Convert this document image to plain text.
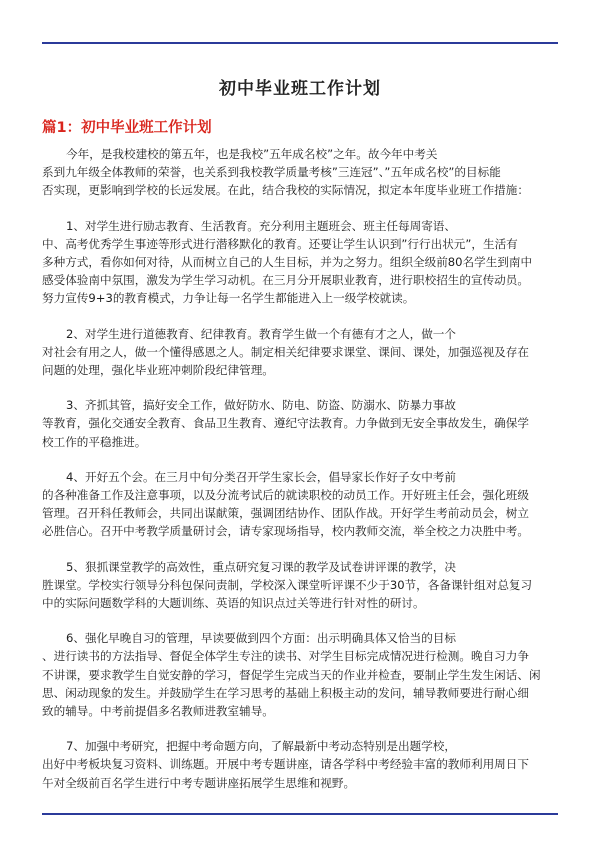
初中毕业班工作计划
篇1：初中毕业班工作计划

今年，是我校建校的第五年，也是我校”五年成名校”之年。故今年中考关
系到九年级全体教师的荣誉，也关系到我校教学质量考核”三连冠”、”五年成名校”的目标能
否实现，更影响到学校的长远发展。在此，结合我校的实际情况，拟定本年度毕业班工作措施：

1、对学生进行励志教育、生活教育。充分利用主题班会、班主任每周寄语、
中、高考优秀学生事迹等形式进行潜移默化的教育。还要让学生认识到”行行出状元”，生活有
多种方式，看你如何对待，从而树立自己的人生目标，并为之努力。组织全级前80名学生到南中
感受体验南中氛围，激发为学生学习动机。在三月分开展职业教育，进行职校招生的宣传动员。
努力宣传9+3的教育模式，力争让每一名学生都能进入上一级学校就读。

2、对学生进行道德教育、纪律教育。教育学生做一个有德有才之人，做一个
对社会有用之人，做一个懂得感恩之人。制定相关纪律要求课堂、课间、课处，加强巡视及存在
问题的处理，强化毕业班冲刺阶段纪律管理。

3、齐抓其管，搞好安全工作，做好防水、防电、防盗、防溺水、防暴力事故
等教育，强化交通安全教育、食品卫生教育、遵纪守法教育。力争做到无安全事故发生，确保学
校工作的平稳推进。

4、开好五个会。在三月中旬分类召开学生家长会，倡导家长作好子女中考前
的各种准备工作及注意事项，以及分流考试后的就读职校的动员工作。开好班主任会，强化班级
管理。召开科任教师会，共同出谋献策，强调团结协作、团队作战。开好学生考前动员会，树立
必胜信心。召开中考教学质量研讨会，请专家现场指导，校内教师交流，举全校之力决胜中考。

5、狠抓课堂教学的高效性，重点研究复习课的教学及试卷讲评课的教学，决
胜课堂。学校实行领导分科包保问责制，学校深入课堂听评课不少于30节，各备课针组对总复习
中的实际问题数学科的大题训练、英语的知识点过关等进行针对性的研讨。

6、强化早晚自习的管理，早读要做到四个方面：出示明确具体又恰当的目标
、进行读书的方法指导、督促全体学生专注的读书、对学生目标完成情况进行检测。晚自习力争
不讲课，要求教学生自觉安静的学习，督促学生完成当天的作业并检查，要制止学生发生闲话、闲
思、闲动现象的发生。并鼓励学生在学习思考的基础上积极主动的发问，辅导教师要进行耐心细
致的辅导。中考前提倡多名教师进教室辅导。

7、加强中考研究，把握中考命题方向，了解最新中考动态特别是出题学校，
出好中考板块复习资料、训练题。开展中考专题讲座，请各学科中考经验丰富的教师利用周日下
午对全级前百名学生进行中考专题讲座拓展学生思维和视野。
